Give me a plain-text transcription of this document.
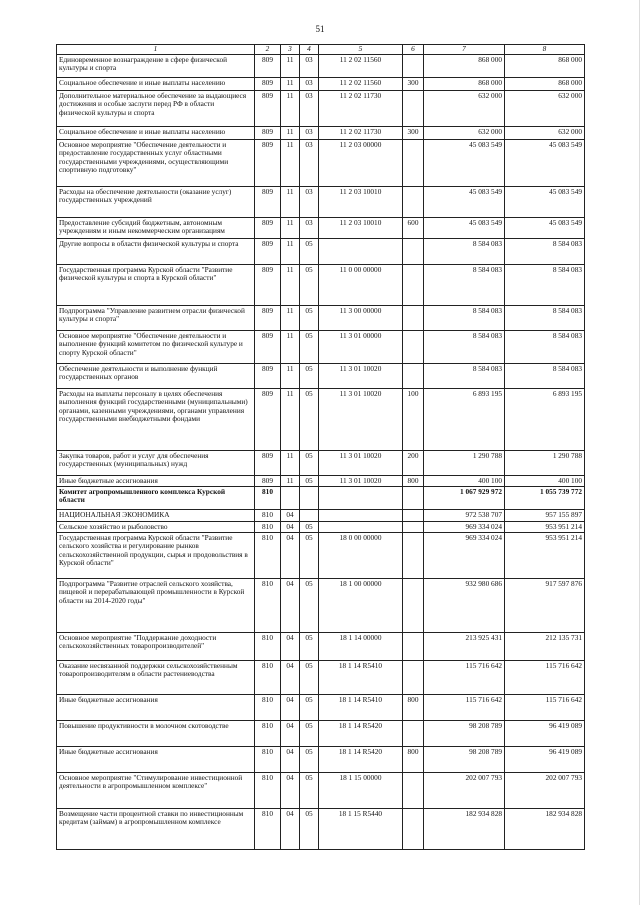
51
1	2	3	4	5	6	7	8
Единовременное вознаграждение в сфере физической культуры и спорта	809	11	03	11 2 02 11560		868 000	868 000
Социальное обеспечение и иные выплаты населению	809	11	03	11 2 02 11560	300	868 000	868 000
Дополнительное материальное обеспечение за выдающиеся достижения и особые заслуги перед РФ в области физической культуры и спорта	809	11	03	11 2 02 11730		632 000	632 000
Социальное обеспечение и иные выплаты населению	809	11	03	11 2 02 11730	300	632 000	632 000
Основное мероприятие "Обеспечение деятельности и предоставление государственных услуг областными государственными учреждениями, осуществляющими спортивную подготовку"	809	11	03	11 2 03 00000		45 083 549	45 083 549
Расходы на обеспечение деятельности (оказание услуг) государственных учреждений	809	11	03	11 2 03 10010		45 083 549	45 083 549
Предоставление субсидий бюджетным, автономным учреждениям и иным некоммерческим организациям	809	11	03	11 2 03 10010	600	45 083 549	45 083 549
Другие вопросы в области физической культуры и спорта	809	11	05			8 584 083	8 584 083
Государственная программа Курской области "Развитие физической культуры и спорта в Курской области"	809	11	05	11 0 00 00000		8 584 083	8 584 083
Подпрограмма "Управление развитием отрасли физической культуры и спорта"	809	11	05	11 3 00 00000		8 584 083	8 584 083
Основное мероприятие "Обеспечение деятельности и выполнение функций комитетом по физической культуре и спорту Курской области"	809	11	05	11 3 01 00000		8 584 083	8 584 083
Обеспечение деятельности и выполнение функций государственных органов	809	11	05	11 3 01 10020		8 584 083	8 584 083
Расходы на выплаты персоналу в целях обеспечения выполнения функций государственными (муниципальными) органами, казенными учреждениями, органами управления государственными внебюджетными фондами	809	11	05	11 3 01 10020	100	6 893 195	6 893 195
Закупка товаров, работ и услуг для обеспечения государственных (муниципальных) нужд	809	11	05	11 3 01 10020	200	1 290 788	1 290 788
Иные бюджетные ассигнования	809	11	05	11 3 01 10020	800	400 100	400 100
Комитет агропромышленного комплекса Курской области	810					1 067 929 972	1 055 739 772
НАЦИОНАЛЬНАЯ ЭКОНОМИКА	810	04				972 538 707	957 155 897
Сельское хозяйство и рыболовство	810	04	05			969 334 024	953 951 214
Государственная программа Курской области "Развитие сельского хозяйства и регулирование рынков сельскохозяйственной продукции, сырья и продовольствия в Курской области"	810	04	05	18 0 00 00000		969 334 024	953 951 214
Подпрограмма "Развитие отраслей сельского хозяйства, пищевой и перерабатывающей промышленности в Курской области на 2014-2020 годы"	810	04	05	18 1 00 00000		932 980 686	917 597 876
Основное мероприятие "Поддержание доходности сельскохозяйственных товаропроизводителей"	810	04	05	18 1 14 00000		213 925 431	212 135 731
Оказание несвязанной поддержки сельскохозяйственным товаропроизводителям в области растениеводства	810	04	05	18 1 14 R5410		115 716 642	115 716 642
Иные бюджетные ассигнования	810	04	05	18 1 14 R5410	800	115 716 642	115 716 642
Повышение продуктивности в молочном скотоводстве	810	04	05	18 1 14 R5420		98 208 789	96 419 089
Иные бюджетные ассигнования	810	04	05	18 1 14 R5420	800	98 208 789	96 419 089
Основное мероприятие "Стимулирование инвестиционной деятельности в агропромышленном комплексе"	810	04	05	18 1 15 00000		202 007 793	202 007 793
Возмещение части процентной ставки по инвестиционным кредитам (займам) в агропромышленном комплексе	810	04	05	18 1 15 R5440		182 934 828	182 934 828
